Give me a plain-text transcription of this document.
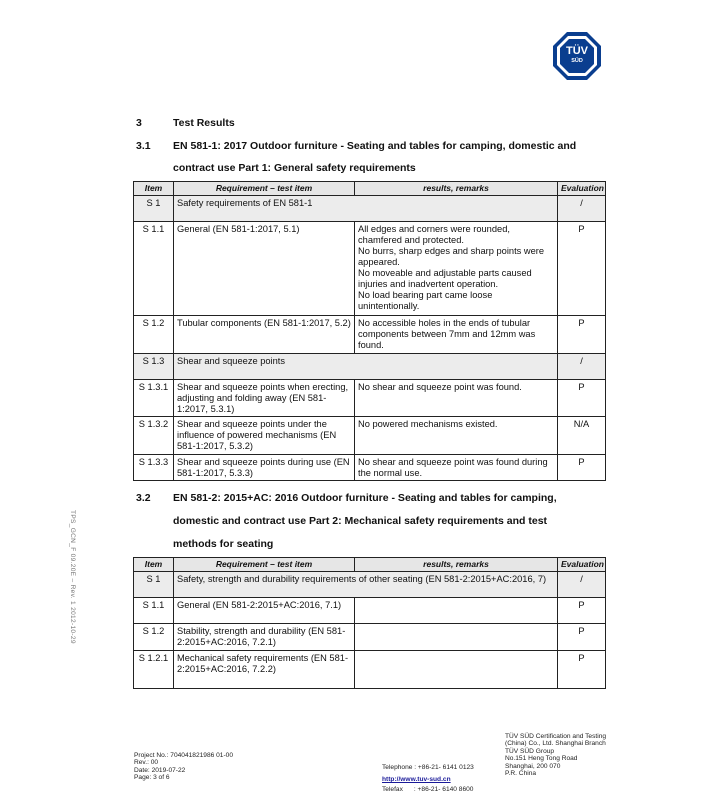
TÜV
SÜD
3	Test Results
3.1 EN 581-1: 2017 Outdoor furniture - Seating and tables for camping, domestic and
contract use Part 1: General safety requirements
Item	Requirement – test item	results, remarks	Evaluation
S 1	Safety requirements of EN 581-1		/
S 1.1	General (EN 581-1:2017, 5.1)	All edges and corners were rounded, chamfered and protected.
No burrs, sharp edges and sharp points were appeared.
No moveable and adjustable parts caused injuries and inadvertent operation.
No load bearing part came loose unintentionally.	P
S 1.2	Tubular components (EN 581-1:2017, 5.2)	No accessible holes in the ends of tubular components between 7mm and 12mm was found.	P
S 1.3	Shear and squeeze points		/
S 1.3.1	Shear and squeeze points when erecting, adjusting and folding away (EN 581-1:2017, 5.3.1)	No shear and squeeze point was found.	P
S 1.3.2	Shear and squeeze points under the influence of powered mechanisms (EN 581-1:2017, 5.3.2)	No powered mechanisms existed.	N/A
S 1.3.3	Shear and squeeze points during use (EN 581-1:2017, 5.3.3)	No shear and squeeze point was found during the normal use.	P
3.2 EN 581-2: 2015+AC: 2016 Outdoor furniture - Seating and tables for camping,
domestic and contract use Part 2: Mechanical safety requirements and test
methods for seating
Item	Requirement – test item	results, remarks	Evaluation
S 1	Safety, strength and durability requirements of other seating (EN 581-2:2015+AC:2016, 7)		/
S 1.1	General (EN 581-2:2015+AC:2016, 7.1)		P
S 1.2	Stability, strength and durability (EN 581-2:2015+AC:2016, 7.2.1)		P
S 1.2.1	Mechanical safety requirements (EN 581-2:2015+AC:2016, 7.2.2)		P
TPS_GCN_F 09.20E – Rev. 1 2012-10-29
Project No.: 704041821986 01-00
Rev.: 00
Date: 2019-07-22
Page: 3 of 6

Telephone : +86-21- 6141 0123

Telefax      : +86-21- 6140 8600

http://www.tuv-sud.cn
TÜV SÜD Certification and Testing
(China) Co., Ltd. Shanghai Branch
TÜV SÜD Group
No.151 Heng Tong Road
Shanghai, 200 070
P.R. China
